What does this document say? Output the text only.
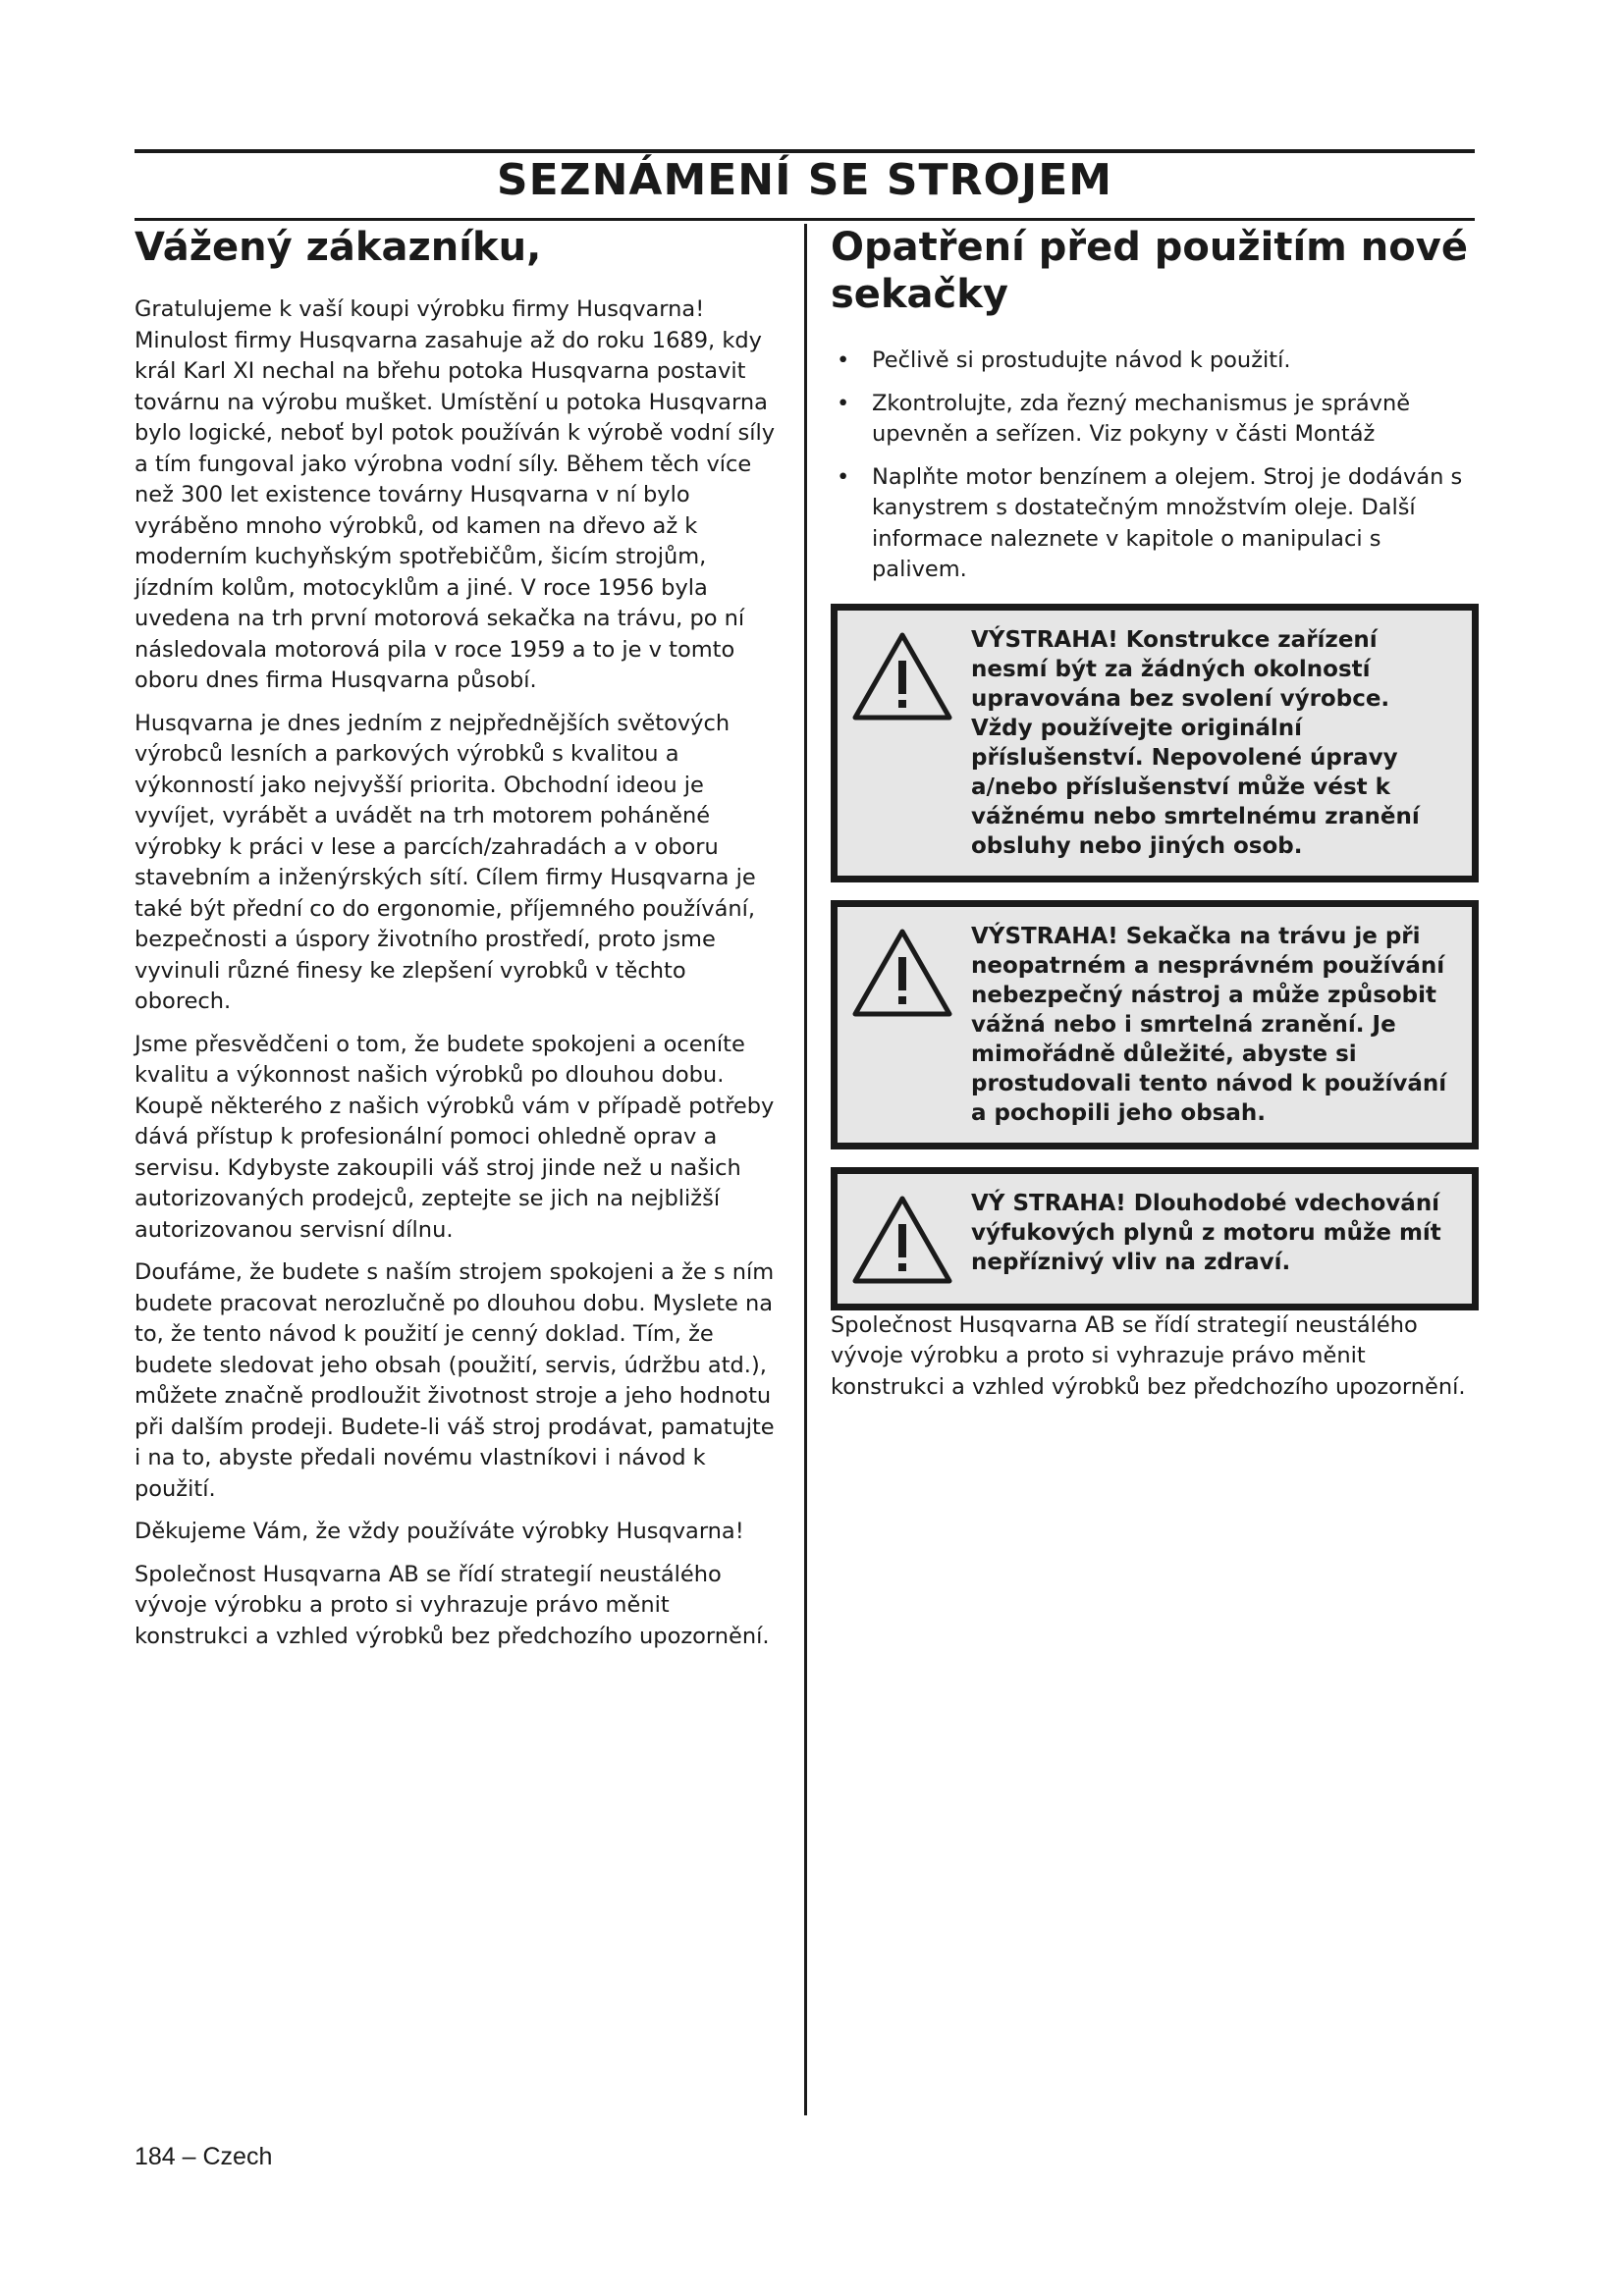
SEZNÁMENÍ SE STROJEM
Vážený zákazníku,

Gratulujeme k vaší koupi výrobku firmy Husqvarna! Minulost firmy Husqvarna zasahuje až do roku 1689, kdy král Karl XI nechal na břehu potoka Husqvarna postavit továrnu na výrobu mušket. Umístění u potoka Husqvarna bylo logické, neboť byl potok používán k výrobě vodní síly a tím fungoval jako výrobna vodní síly. Během těch více než 300 let existence továrny Husqvarna v ní bylo vyráběno mnoho výrobků, od kamen na dřevo až k moderním kuchyňským spotřebičům, šicím strojům, jízdním kolům, motocyklům a jiné. V roce 1956 byla uvedena na trh první motorová sekačka na trávu, po ní následovala motorová pila v roce 1959 a to je v tomto oboru dnes firma Husqvarna působí.

Husqvarna je dnes jedním z nejpřednějších světových výrobců lesních a parkových výrobků s kvalitou a výkonností jako nejvyšší priorita. Obchodní ideou je vyvíjet, vyrábět a uvádět na trh motorem poháněné výrobky k práci v lese a parcích/zahradách a v oboru stavebním a inženýrských sítí. Cílem firmy Husqvarna je také být přední co do ergonomie, příjemného používání, bezpečnosti a úspory životního prostředí, proto jsme vyvinuli různé finesy ke zlepšení vyrobků v těchto oborech.

Jsme přesvědčeni o tom, že budete spokojeni a oceníte kvalitu a výkonnost našich výrobků po dlouhou dobu. Koupě některého z našich výrobků vám v případě potřeby dává přístup k profesionální pomoci ohledně oprav a servisu. Kdybyste zakoupili váš stroj jinde než u našich autorizovaných prodejců, zeptejte se jich na nejbližší autorizovanou servisní dílnu.

Doufáme, že budete s naším strojem spokojeni a že s ním budete pracovat nerozlučně po dlouhou dobu. Myslete na to, že tento návod k použití je cenný doklad. Tím, že budete sledovat jeho obsah (použití, servis, údržbu atd.), můžete značně prodloužit životnost stroje a jeho hodnotu při dalším prodeji. Budete-li váš stroj prodávat, pamatujte i na to, abyste předali novému vlastníkovi i návod k použití.

Děkujeme Vám, že vždy používáte výrobky Husqvarna!

Společnost Husqvarna AB se řídí strategií neustálého vývoje výrobku a proto si vyhrazuje právo měnit konstrukci a vzhled výrobků bez předchozího upozornění.

Opatření před použitím nové sekačky
• Pečlivě si prostudujte návod k použití.
• Zkontrolujte, zda řezný mechanismus je správně upevněn a seřízen. Viz pokyny v části Montáž
• Naplňte motor benzínem a olejem. Stroj je dodáván s kanystrem s dostatečným množstvím oleje. Další informace naleznete v kapitole o manipulaci s palivem.
VÝSTRAHA! Konstrukce zařízení nesmí být za žádných okolností upravována bez svolení výrobce. Vždy používejte originální příslušenství. Nepovolené úpravy a/nebo příslušenství může vést k vážnému nebo smrtelnému zranění obsluhy nebo jiných osob.
VÝSTRAHA! Sekačka na trávu je při neopatrném a nesprávném používání nebezpečný nástroj a může způsobit vážná nebo i smrtelná zranění. Je mimořádně důležité, abyste si prostudovali tento návod k používání a pochopili jeho obsah.
VÝ STRAHA! Dlouhodobé vdechování výfukových plynů z motoru může mít nepříznivý vliv na zdraví.

Společnost Husqvarna AB se řídí strategií neustálého vývoje výrobku a proto si vyhrazuje právo měnit konstrukci a vzhled výrobků bez předchozího upozornění.

184 – Czech
